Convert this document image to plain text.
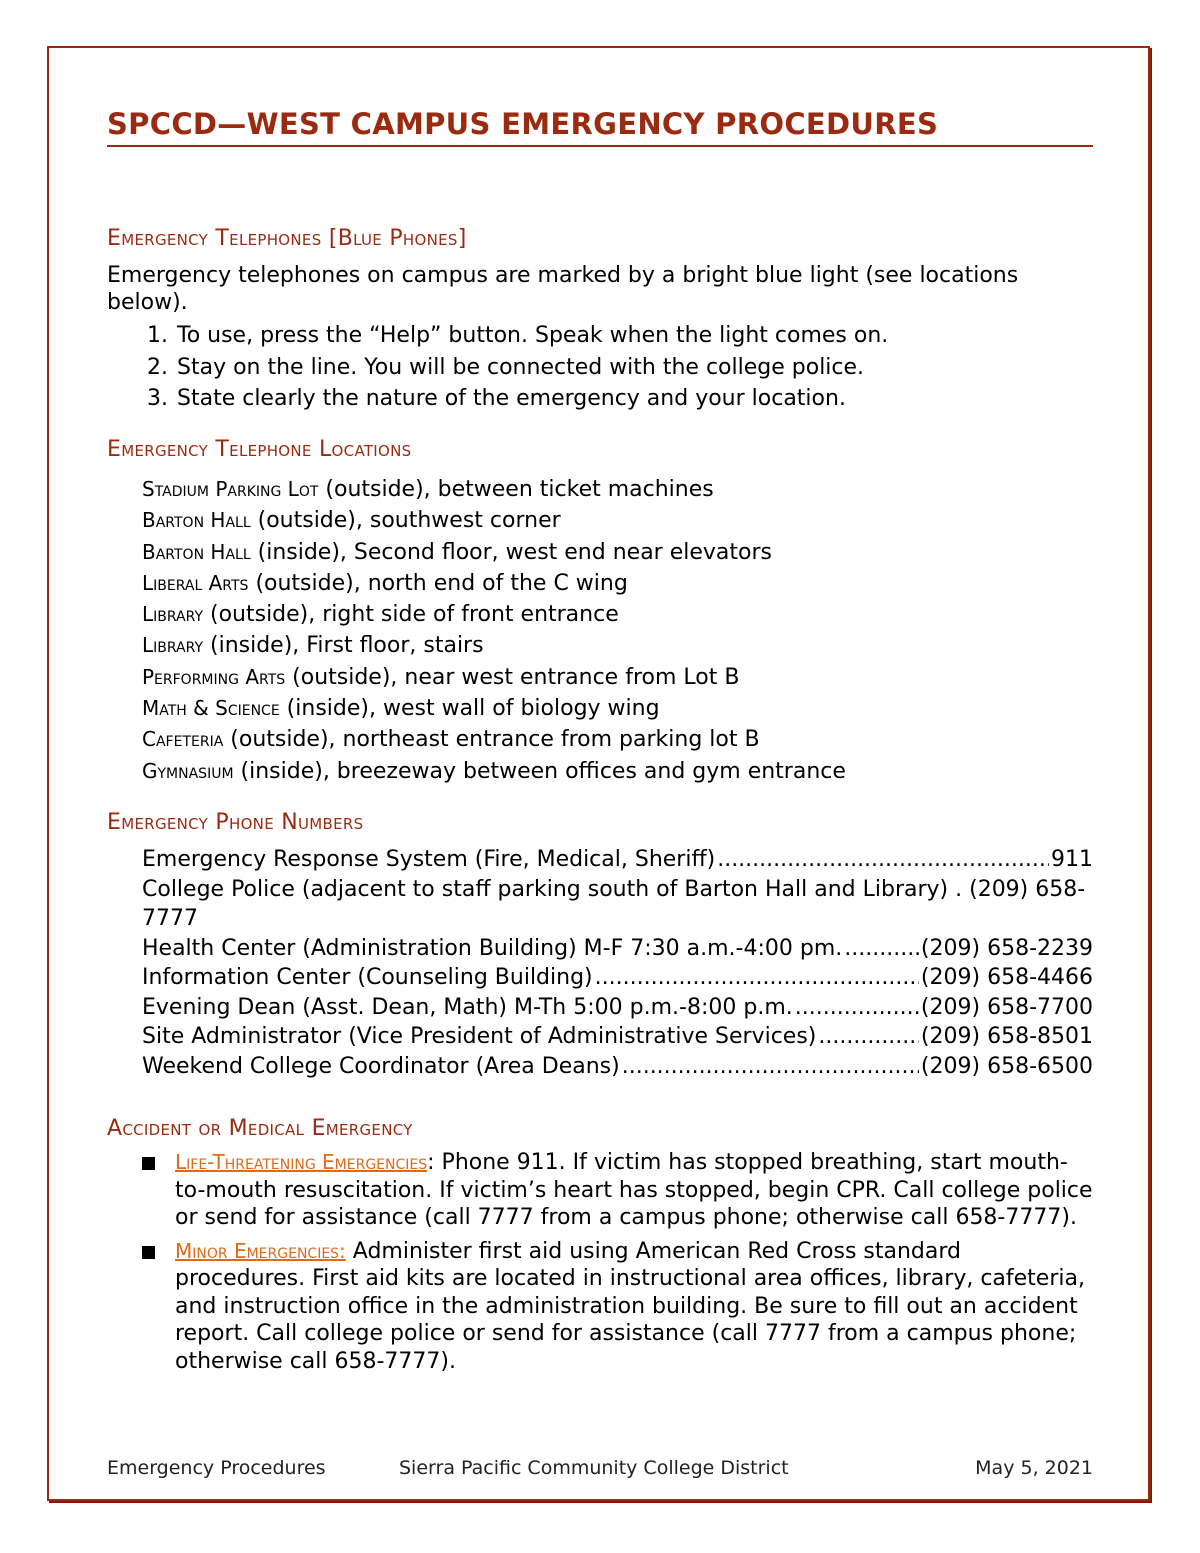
SPCCD—WEST CAMPUS EMERGENCY PROCEDURES
Emergency Telephones [Blue Phones]

Emergency telephones on campus are marked by a bright blue light (see locations below).

1. To use, press the “Help” button. Speak when the light comes on.
2. Stay on the line. You will be connected with the college police.
3. State clearly the nature of the emergency and your location.
Emergency Telephone Locations
Stadium Parking Lot (outside), between ticket machines
Barton Hall (outside), southwest corner
Barton Hall (inside), Second floor, west end near elevators
Liberal Arts (outside), north end of the C wing
Library (outside), right side of front entrance
Library (inside), First floor, stairs
Performing Arts (outside), near west entrance from Lot B
Math & Science (inside), west wall of biology wing
Cafeteria (outside), northeast entrance from parking lot B
Gymnasium (inside), breezeway between offices and gym entrance
Emergency Phone Numbers
Emergency Response System (Fire, Medical, Sheriff) .....	911
College Police (adjacent to staff parking south of Barton Hall and Library) . (209) 658-7777
Health Center (Administration Building) M-F 7:30 a.m.-4:00 pm. .....	(209) 658-2239
Information Center (Counseling Building) .....	(209) 658-4466
Evening Dean (Asst. Dean, Math) M-Th 5:00 p.m.-8:00 p.m. .....	(209) 658-7700
Site Administrator (Vice President of Administrative Services) .....	(209) 658-8501
Weekend College Coordinator (Area Deans) .....	(209) 658-6500
Accident or Medical Emergency
Life-Threatening Emergencies: Phone 911. If victim has stopped breathing, start mouth-to-mouth resuscitation. If victim’s heart has stopped, begin CPR. Call college police or send for assistance (call 7777 from a campus phone; otherwise call 658-7777).
Minor Emergencies: Administer first aid using American Red Cross standard procedures. First aid kits are located in instructional area offices, library, cafeteria, and instruction office in the administration building. Be sure to fill out an accident report. Call college police or send for assistance (call 7777 from a campus phone; otherwise call 658-7777).
Emergency Procedures	Sierra Pacific Community College District	May 5, 2021
